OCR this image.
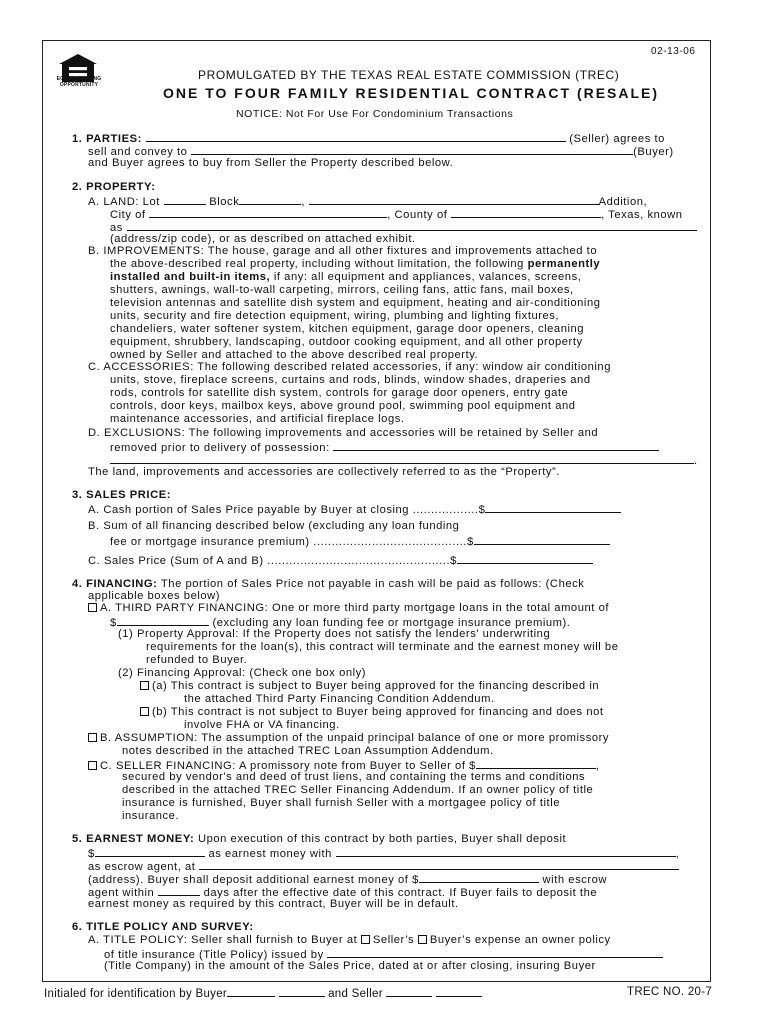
EQUAL HOUSING
OPPORTUNITY
02-13-06
PROMULGATED BY THE TEXAS REAL ESTATE COMMISSION (TREC)
ONE TO FOUR FAMILY RESIDENTIAL CONTRACT (RESALE)
NOTICE: Not For Use For Condominium Transactions
1. PARTIES:	(Seller) agrees to
sell and convey to	(Buyer)
and Buyer agrees to buy from Seller the Property described below.
2. PROPERTY:
A. LAND: Lot	Block	,	Addition,
City of	, County of	, Texas, known
as
(address/zip code), or as described on attached exhibit.
B. IMPROVEMENTS: The house, garage and all other fixtures and improvements attached to
the above-described real property, including without limitation, the following permanently
installed and built-in items, if any: all equipment and appliances, valances, screens,
shutters, awnings, wall-to-wall carpeting, mirrors, ceiling fans, attic fans, mail boxes,
television antennas and satellite dish system and equipment, heating and air-conditioning
units, security and fire detection equipment, wiring, plumbing and lighting fixtures,
chandeliers, water softener system, kitchen equipment, garage door openers, cleaning
equipment, shrubbery, landscaping, outdoor cooking equipment, and all other property
owned by Seller and attached to the above described real property.
C. ACCESSORIES: The following described related accessories, if any: window air conditioning
units, stove, fireplace screens, curtains and rods, blinds, window shades, draperies and
rods, controls for satellite dish system, controls for garage door openers, entry gate
controls, door keys, mailbox keys, above ground pool, swimming pool equipment and
maintenance accessories, and artificial fireplace logs.
D. EXCLUSIONS: The following improvements and accessories will be retained by Seller and
removed prior to delivery of possession:
.
The land, improvements and accessories are collectively referred to as the “Property”.
3. SALES PRICE:
A. Cash portion of Sales Price payable by Buyer at closing ..................$
B. Sum of all financing described below (excluding any loan funding
fee or mortgage insurance premium) ..........................................$
C. Sales Price (Sum of A and B) ..................................................$
4. FINANCING: The portion of Sales Price not payable in cash will be paid as follows: (Check
applicable boxes below)
A. THIRD PARTY FINANCING: One or more third party mortgage loans in the total amount of
$	(excluding any loan funding fee or mortgage insurance premium).
(1) Property Approval: If the Property does not satisfy the lenders' underwriting
requirements for the loan(s), this contract will terminate and the earnest money will be
refunded to Buyer.
(2) Financing Approval: (Check one box only)
(a) This contract is subject to Buyer being approved for the financing described in
the attached Third Party Financing Condition Addendum.
(b) This contract is not subject to Buyer being approved for financing and does not
involve FHA or VA financing.
B. ASSUMPTION: The assumption of the unpaid principal balance of one or more promissory
notes described in the attached TREC Loan Assumption Addendum.
C. SELLER FINANCING: A promissory note from Buyer to Seller of $	,
secured by vendor's and deed of trust liens, and containing the terms and conditions
described in the attached TREC Seller Financing Addendum. If an owner policy of title
insurance is furnished, Buyer shall furnish Seller with a mortgagee policy of title
insurance.
5. EARNEST MONEY: Upon execution of this contract by both parties, Buyer shall deposit
$	as earnest money with	,
as escrow agent, at
(address). Buyer shall deposit additional earnest money of $	with escrow
agent within	days after the effective date of this contract. If Buyer fails to deposit the
earnest money as required by this contract, Buyer will be in default.
6. TITLE POLICY AND SURVEY:
A. TITLE POLICY: Seller shall furnish to Buyer at Seller’s Buyer’s expense an owner policy
of title insurance (Title Policy) issued by
(Title Company) in the amount of the Sales Price, dated at or after closing, insuring Buyer
Initialed for identification by Buyer	and Seller	TREC NO. 20-7
